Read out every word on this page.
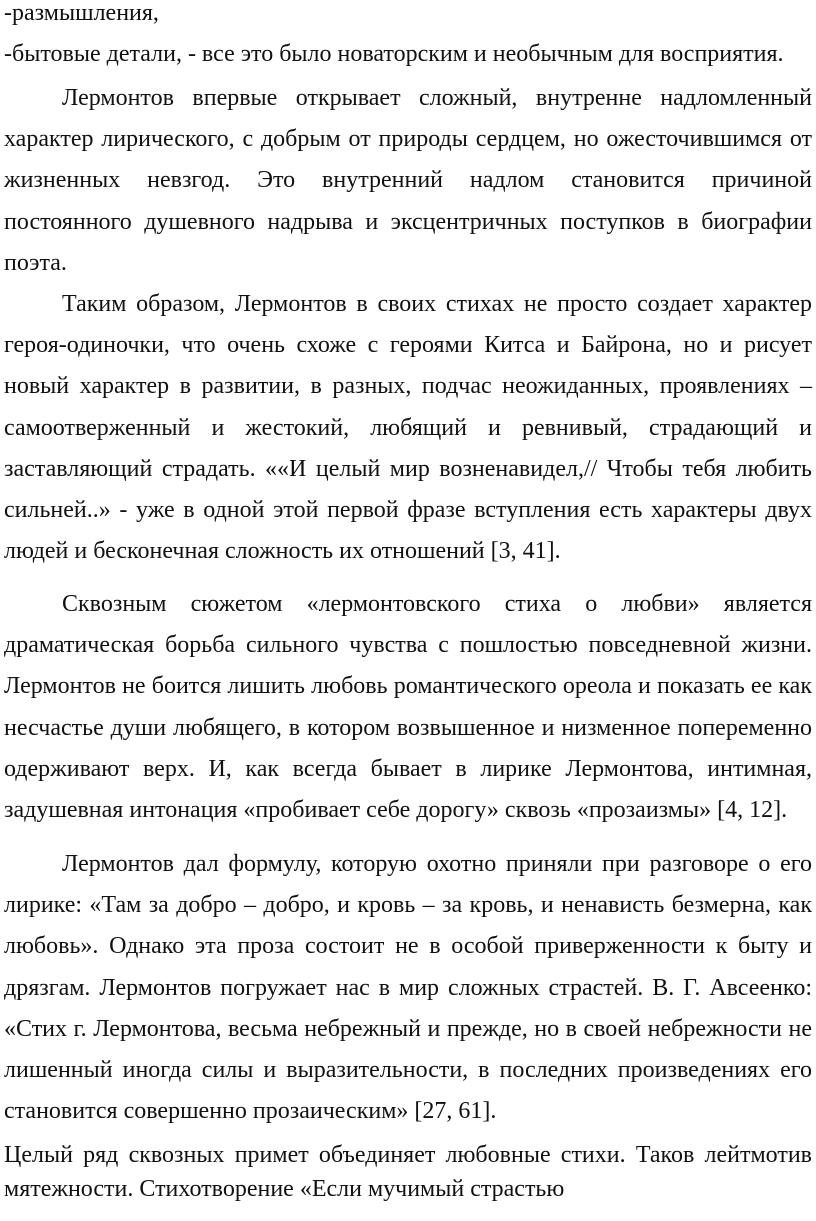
-размышления,

-бытовые детали, - все это было новаторским и необычным для восприятия.

Лермонтов впервые открывает сложный, внутренне надломленный характер лирического, с добрым от природы сердцем, но ожесточившимся от жизненных невзгод. Это внутренний надлом становится причиной постоянного душевного надрыва и эксцентричных поступков в биографии поэта.

Таким образом, Лермонтов в своих стихах не просто создает характер героя-одиночки, что очень схоже с героями Китса и Байрона, но и рисует новый характер в развитии, в разных, подчас неожиданных, проявлениях – самоотверженный и жестокий, любящий и ревнивый, страдающий и заставляющий страдать. ««И целый мир возненавидел,// Чтобы тебя любить сильней..» - уже в одной этой первой фразе вступления есть характеры двух людей и бесконечная сложность их отношений [3, 41].

Сквозным сюжетом «лермонтовского стиха о любви» является драматическая борьба сильного чувства с пошлостью повседневной жизни. Лермонтов не боится лишить любовь романтического ореола и показать ее как несчастье души любящего, в котором возвышенное и низменное попеременно одерживают верх. И, как всегда бывает в лирике Лермонтова, интимная, задушевная интонация «пробивает себе дорогу» сквозь «прозаизмы» [4, 12].

Лермонтов дал формулу, которую охотно приняли при разговоре о его лирике: «Там за добро – добро, и кровь – за кровь, и ненависть безмерна, как любовь». Однако эта проза состоит не в особой приверженности к быту и дрязгам. Лермонтов погружает нас в мир сложных страстей. В. Г. Авсеенко: «Стих г. Лермонтова, весьма небрежный и прежде, но в своей небрежности не лишенный иногда силы и выразительности, в последних произведениях его становится совершенно прозаическим» [27, 61].

Целый ряд сквозных примет объединяет любовные стихи. Таков лейтмотив мятежности. Стихотворение «Если мучимый страстью
